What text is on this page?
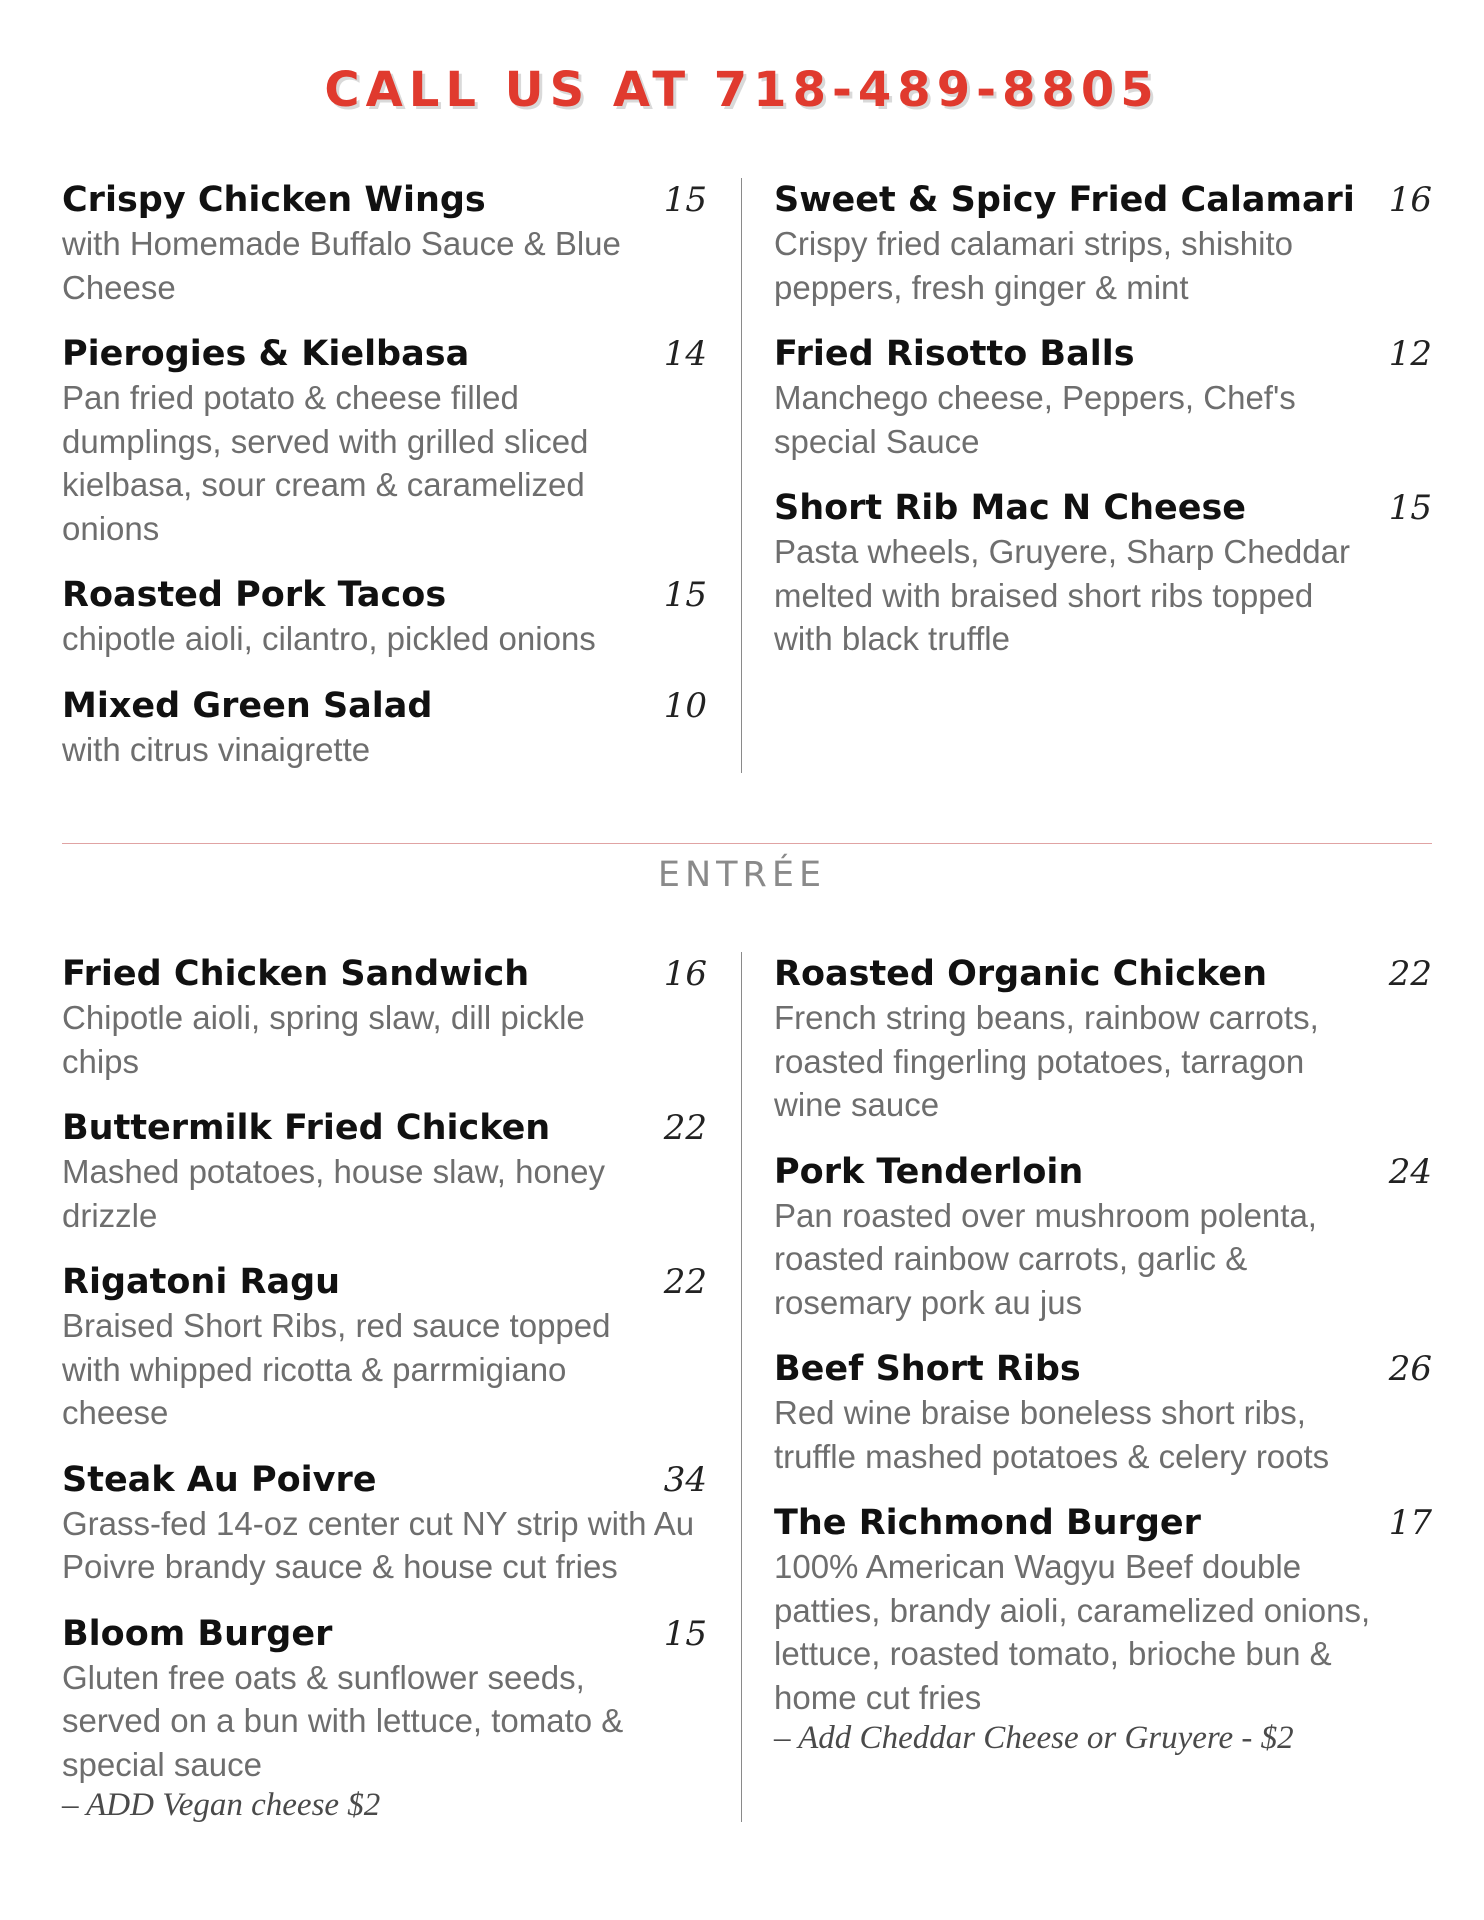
CALL US AT 718-489-8805
Crispy Chicken Wings	15
with Homemade Buffalo Sauce & Blue Cheese
Pierogies & Kielbasa	14
Pan fried potato & cheese filled dumplings, served with grilled sliced kielbasa, sour cream & caramelized onions
Roasted Pork Tacos	15
chipotle aioli, cilantro, pickled onions
Mixed Green Salad	10
with citrus vinaigrette
Sweet & Spicy Fried Calamari 16
Crispy fried calamari strips, shishito peppers, fresh ginger & mint
Fried Risotto Balls	12
Manchego cheese, Peppers, Chef's special Sauce
Short Rib Mac N Cheese	15
Pasta wheels, Gruyere, Sharp Cheddar melted with braised short ribs topped with black truffle
ENTRÉE
Fried Chicken Sandwich	16
Chipotle aioli, spring slaw, dill pickle chips
Buttermilk Fried Chicken	22
Mashed potatoes, house slaw, honey drizzle
Rigatoni Ragu	22
Braised Short Ribs, red sauce topped with whipped ricotta & parrmigiano cheese
Steak Au Poivre	34
Grass-fed 14-oz center cut NY strip with Au Poivre brandy sauce & house cut fries
Bloom Burger	15
Gluten free oats & sunflower seeds, served on a bun with lettuce, tomato & special sauce
– ADD Vegan cheese $2
Roasted Organic Chicken	22
French string beans, rainbow carrots, roasted fingerling potatoes, tarragon wine sauce
Pork Tenderloin	24
Pan roasted over mushroom polenta, roasted rainbow carrots, garlic & rosemary pork au jus
Beef Short Ribs	26
Red wine braise boneless short ribs, truffle mashed potatoes & celery roots
The Richmond Burger	17
100% American Wagyu Beef double patties, brandy aioli, caramelized onions, lettuce, roasted tomato, brioche bun & home cut fries
– Add Cheddar Cheese or Gruyere - $2
